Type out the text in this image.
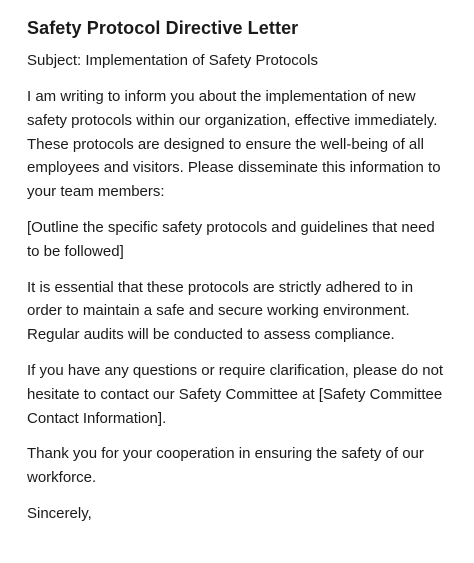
Safety Protocol Directive Letter
Subject: Implementation of Safety Protocols

I am writing to inform you about the implementation of new safety protocols within our organization, effective immediately. These protocols are designed to ensure the well-being of all employees and visitors. Please disseminate this information to your team members:

[Outline the specific safety protocols and guidelines that need to be followed]

It is essential that these protocols are strictly adhered to in order to maintain a safe and secure working environment. Regular audits will be conducted to assess compliance.

If you have any questions or require clarification, please do not hesitate to contact our Safety Committee at [Safety Committee Contact Information].

Thank you for your cooperation in ensuring the safety of our workforce.

Sincerely,
